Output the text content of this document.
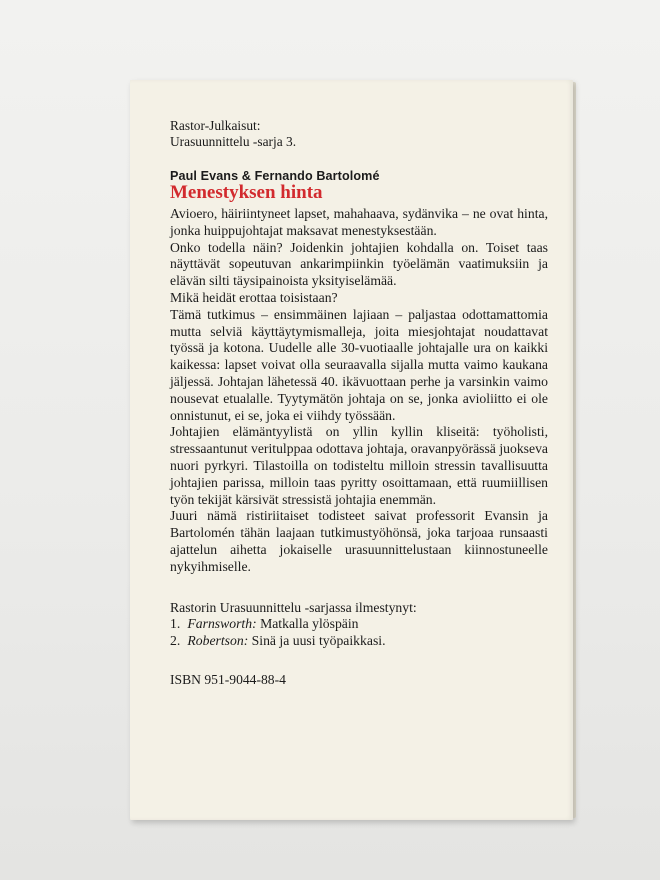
Rastor-Julkaisut:
Urasuunnittelu -sarja 3.
Paul Evans & Fernando Bartolomé
Menestyksen hinta

Avioero, häiriintyneet lapset, mahahaava, sydänvika – ne ovat hinta, jonka huippujohtajat maksavat menestyksestään.

Onko todella näin? Joidenkin johtajien kohdalla on. Toiset taas näyttävät sopeutuvan ankarimpiinkin työelämän vaatimuksiin ja elävän silti täysipainoista yksityiselämää.

Mikä heidät erottaa toisistaan?

Tämä tutkimus – ensimmäinen lajiaan – paljastaa odottamattomia mutta selviä käyttäytymismalleja, joita miesjohtajat noudattavat työssä ja kotona. Uudelle alle 30-vuotiaalle johtajalle ura on kaikki kaikessa: lapset voivat olla seuraavalla sijalla mutta vaimo kaukana jäljessä. Johtajan lähetessä 40. ikävuottaan perhe ja varsinkin vaimo nousevat etualalle. Tyytymätön johtaja on se, jonka avioliitto ei ole onnistunut, ei se, joka ei viihdy työssään.

Johtajien elämäntyylistä on yllin kyllin kliseitä: työholisti, stressaantunut veritulppaa odottava johtaja, oravanpyörässä juokseva nuori pyrkyri. Tilastoilla on todisteltu milloin stressin tavallisuutta johtajien parissa, milloin taas pyritty osoittamaan, että ruumiillisen työn tekijät kärsivät stressistä johtajia enemmän.

Juuri nämä ristiriitaiset todisteet saivat professorit Evansin ja Bartolomén tähän laajaan tutkimustyöhönsä, joka tarjoaa runsaasti ajattelun aihetta jokaiselle urasuunnittelustaan kiinnostuneelle nykyihmiselle.

Rastorin Urasuunnittelu -sarjassa ilmestynyt:
1. Farnsworth: Matkalla ylöspäin
2. Robertson: Sinä ja uusi työpaikkasi.
ISBN 951-9044-88-4
